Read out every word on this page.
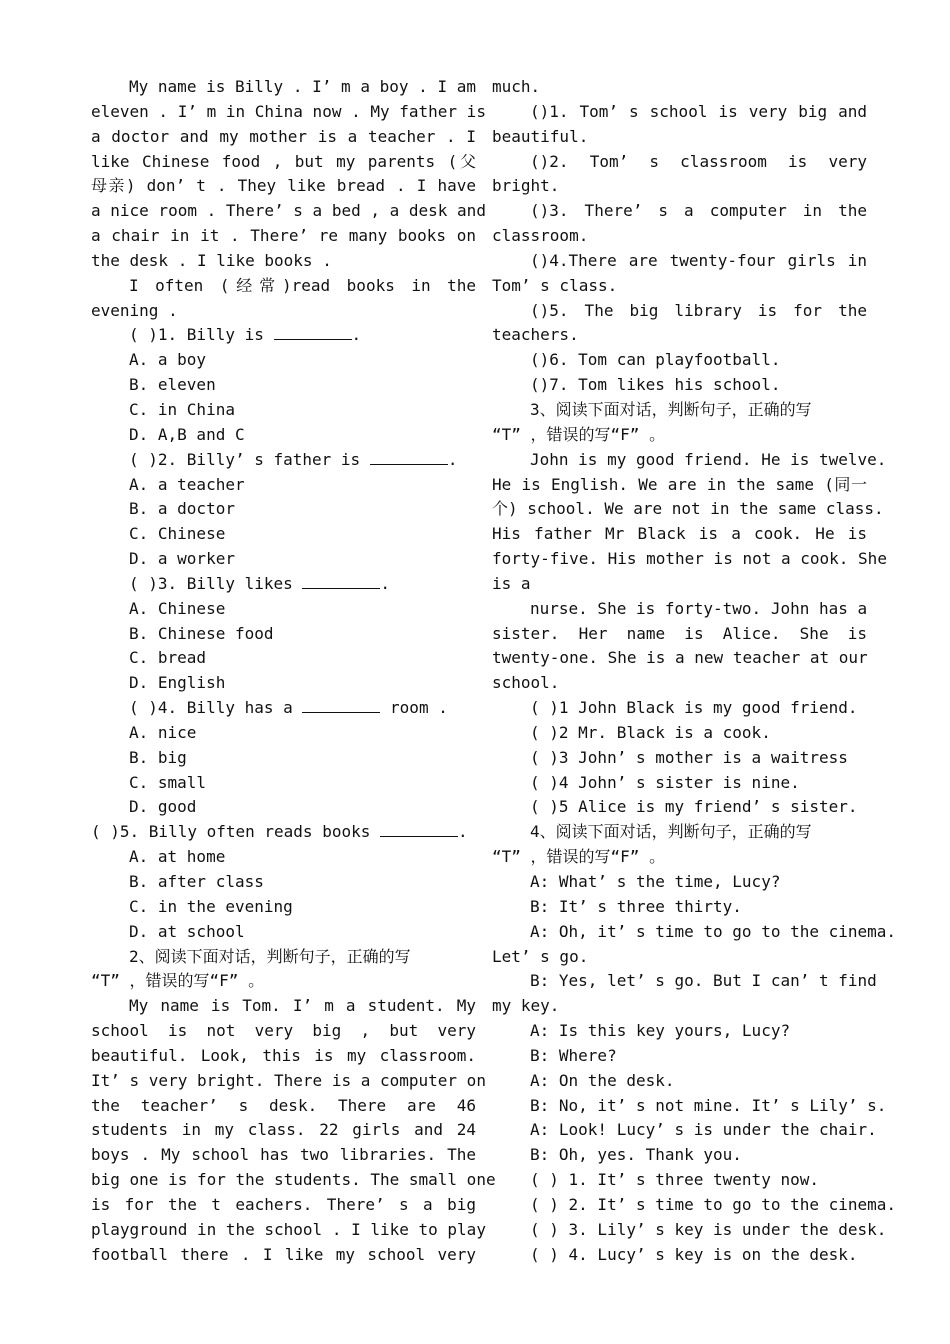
My name is Billy . I’ m a boy . I am
eleven . I’ m in China now . My father is
a doctor and my mother is a teacher . I
like Chinese food , but my parents (父
母亲) don’ t . They like bread . I have
a nice room . There’ s a bed , a desk and
a chair in it . There’ re many books on
the desk . I like books .
I often (经常)read books in the
evening .
( )1. Billy is	.
A. a boy
B. eleven
C. in China
D. A,B and C
( )2. Billy’ s father is	.
A. a teacher
B. a doctor
C. Chinese
D. a worker
( )3. Billy likes	.
A. Chinese
B. Chinese food
C. bread
D. English
( )4. Billy has a	room .
A. nice
B. big
C. small
D. good
( )5. Billy often reads books	.
A. at home
B. after class
C. in the evening
D. at school
2、阅读下面对话，判断句子，正确的写
“T” ，错误的写“F” 。
My name is Tom. I’ m a student. My
school is not very big , but very
beautiful. Look, this is my classroom.
It’ s very bright. There is a computer on
the teacher’ s desk. There are 46
students in my class. 22 girls and 24
boys . My school has two libraries. The
big one is for the students. The small one
is for the t eachers. There’ s a big
playground in the school . I like to play
football there . I like my school very
much.
()1. Tom’ s school is very big and
beautiful.
()2. Tom’ s classroom is very
bright.
()3. There’ s a computer in the
classroom.
()4.There are twenty-four girls in
Tom’ s class.
()5. The big library is for the
teachers.
()6. Tom can playfootball.
()7. Tom likes his school.
3、阅读下面对话，判断句子，正确的写
“T” ，错误的写“F” 。
John is my good friend. He is twelve.
He is English. We are in the same (同一
个) school. We are not in the same class.
His father Mr Black is a cook. He is
forty-five. His mother is not a cook. She
is a
nurse. She is forty-two. John has a
sister. Her name is Alice. She is
twenty-one. She is a new teacher at our
school.
( )1 John Black is my good friend.
( )2 Mr. Black is a cook.
( )3 John’ s mother is a waitress
( )4 John’ s sister is nine.
( )5 Alice is my friend’ s sister.
4、阅读下面对话，判断句子，正确的写
“T” ，错误的写“F” 。
A: What’ s the time, Lucy?
B: It’ s three thirty.
A: Oh, it’ s time to go to the cinema.
Let’ s go.
B: Yes, let’ s go. But I can’ t find
my key.
A: Is this key yours, Lucy?
B: Where?
A: On the desk.
B: No, it’ s not mine. It’ s Lily’ s.
A: Look! Lucy’ s is under the chair.
B: Oh, yes. Thank you.
( ) 1. It’ s three twenty now.
( ) 2. It’ s time to go to the cinema.
( ) 3. Lily’ s key is under the desk.
( ) 4. Lucy’ s key is on the desk.
